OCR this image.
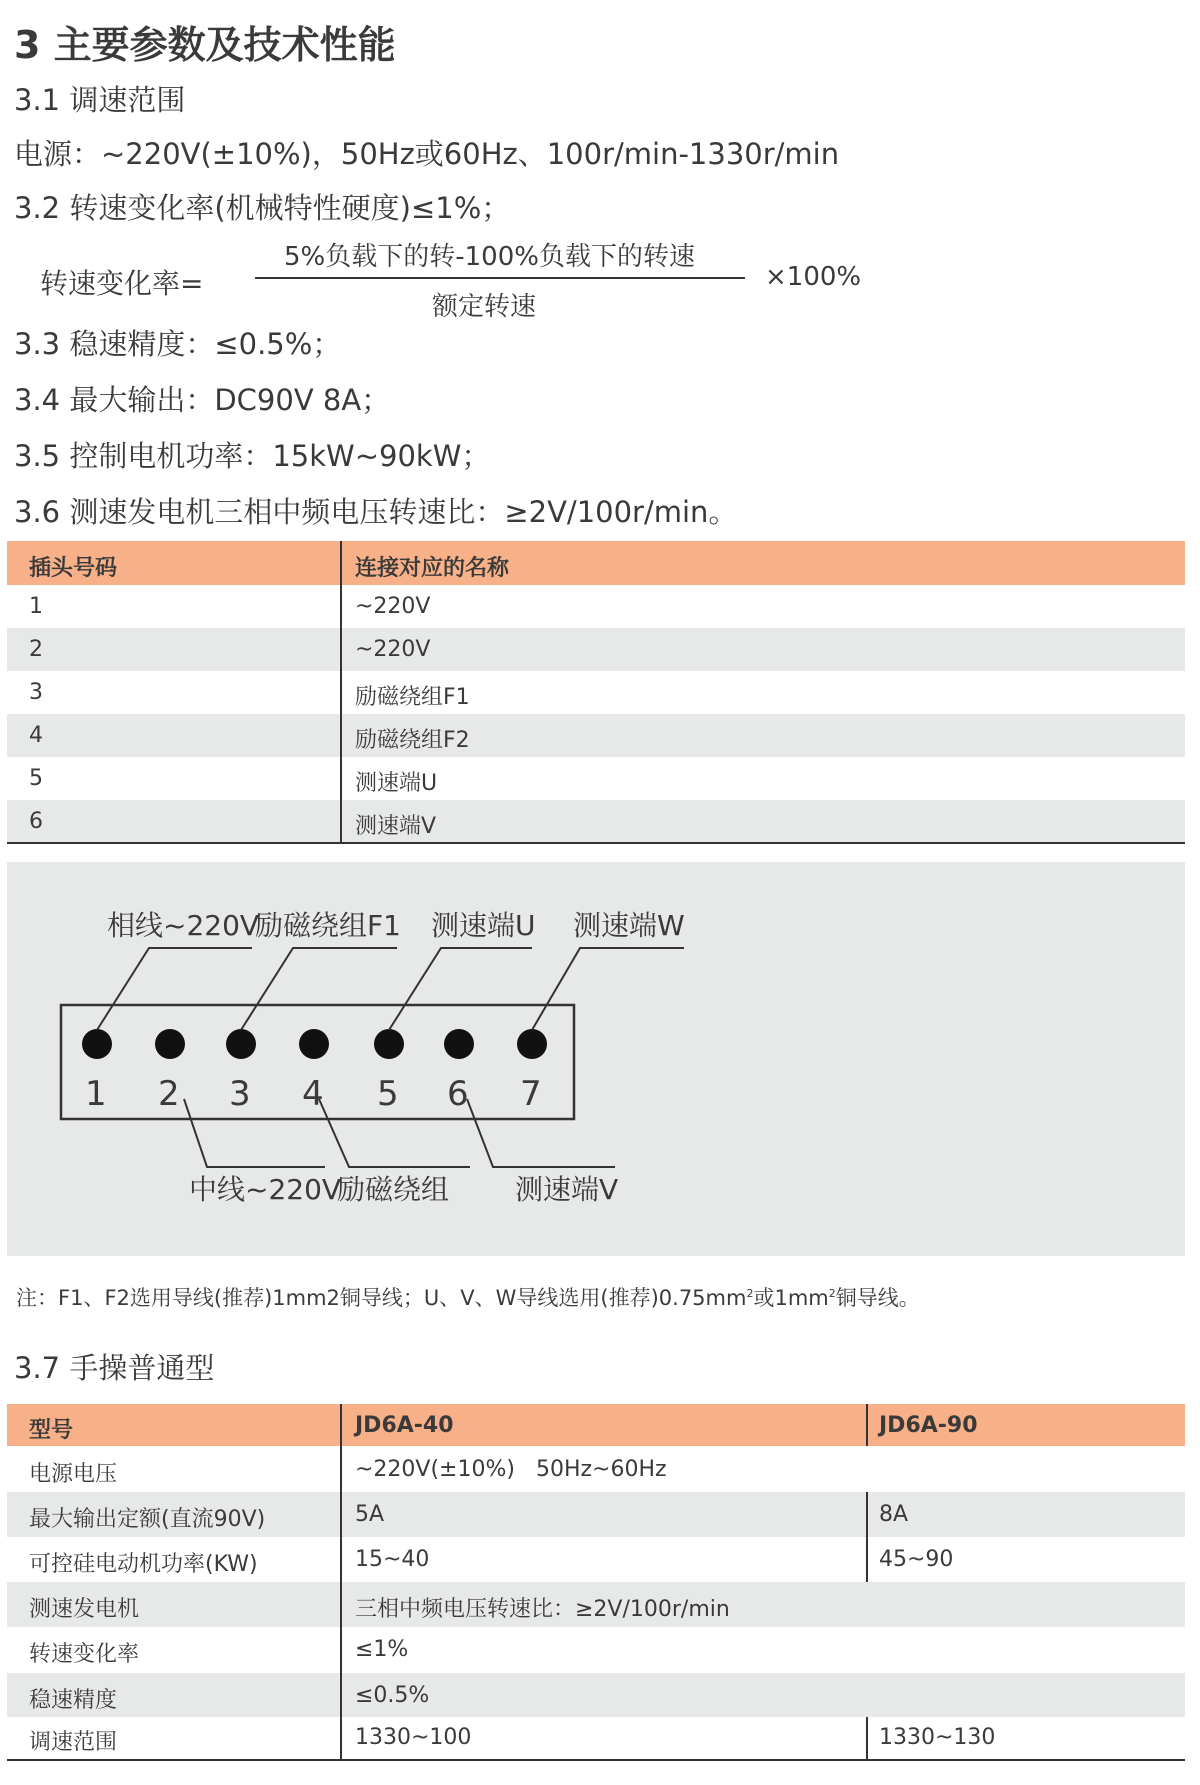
3 主要参数及技术性能
3.1 调速范围
电源：~220V(±10%)，50Hz或60Hz、100r/min-1330r/min
3.2 转速变化率(机械特性硬度)≤1%；
转速变化率=
5%负载下的转-100%负载下的转速
额定转速
×100%
3.3 稳速精度：≤0.5%；
3.4 最大输出：DC90V 8A；
3.5 控制电机功率：15kW~90kW；
3.6 测速发电机三相中频电压转速比：≥2V/100r/min。
插头号码	连接对应的名称
1	~220V
2	~220V
3	励磁绕组F1
4	励磁绕组F2
5	测速端U
6	测速端V
相线~220V
励磁绕组F1 测速端U 测速端W
1 2 3 4 5 6 7
中线~220V
励磁绕组 测速端V
注：F1、F2选用导线(推荐)1mm2铜导线；U、V、W导线选用(推荐)$0.75mm^2$或$1mm^2$铜导线。
3.7 手操普通型
型号	JD6A-40	JD6A-90
电源电压	~220V(±10%)   50Hz~60Hz
最大输出定额(直流90V)	5A	8A
可控硅电动机功率(KW)	15~40	45~90
测速发电机	三相中频电压转速比：≥2V/100r/min
转速变化率	≤1%
稳速精度	≤0.5%
调速范围	1330~100	1330~130
